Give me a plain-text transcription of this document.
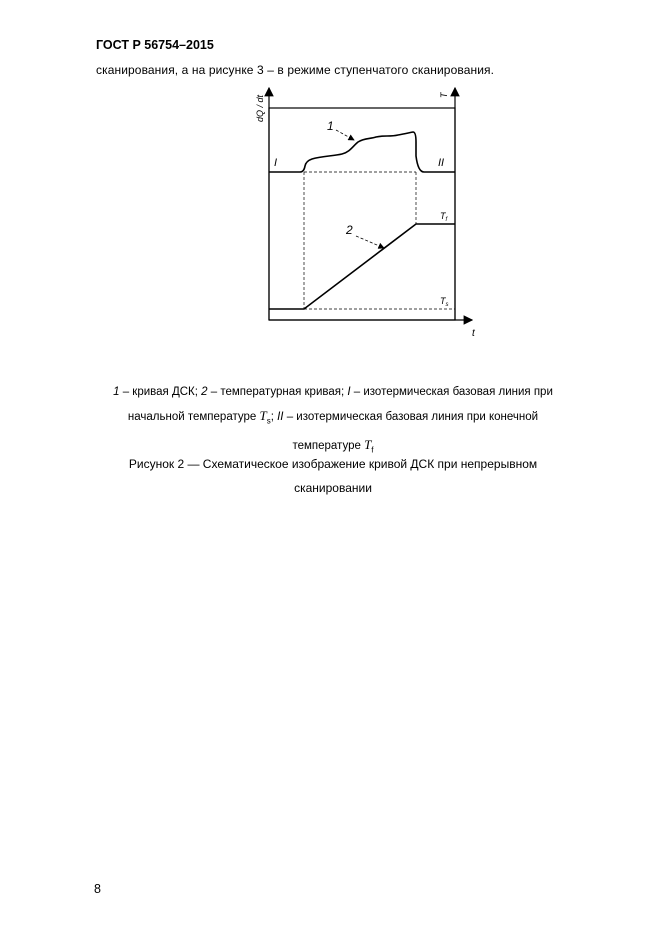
ГОСТ Р 56754–2015
сканирования, а на рисунке 3 – в режиме ступенчатого сканирования.
dQ / dt	T
t
1
2
I	II
$T_f$
$T_s$
1 – кривая ДСК; 2 – температурная кривая; I – изотермическая базовая линия при начальной температуре $T_s$; II – изотермическая базовая линия при конечной температуре $T_f$
Рисунок 2 — Схематическое изображение кривой ДСК при непрерывном сканировании
8
